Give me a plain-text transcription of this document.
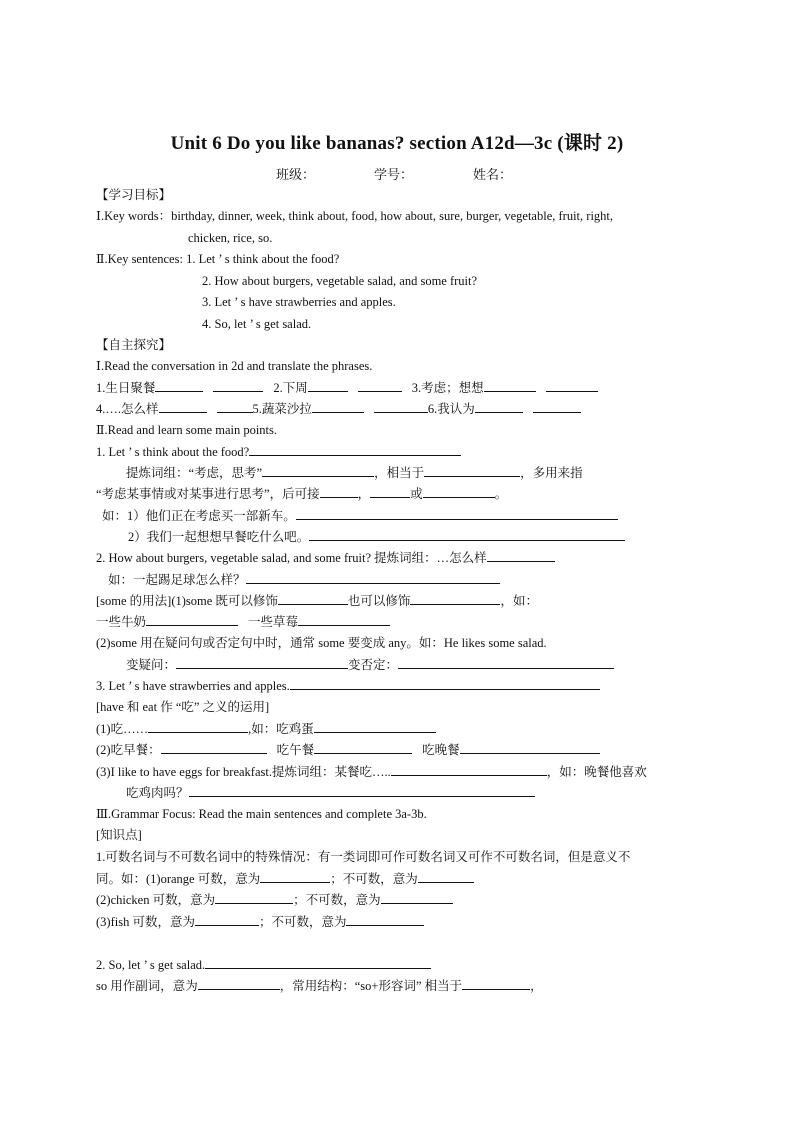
Unit 6 Do you like bananas? section A12d—3c (课时 2)
班级：	学号：	姓名：
【学习目标】
Ⅰ.Key words：birthday, dinner, week, think about, food, how about, sure, burger, vegetable, fruit, right,
chicken, rice, so.
Ⅱ.Key sentences: 1. Let ’ s think about the food?
2. How about burgers, vegetable salad, and some fruit?
3. Let ’ s have strawberries and apples.
4. So, let ’ s get salad.
【自主探究】
Ⅰ.Read the conversation in 2d and translate the phrases.
1.生日聚餐	2.下周	3.考虑；想想
4.….怎么样	5.蔬菜沙拉	6.我认为
Ⅱ.Read and learn some main points.
1. Let ’ s think about the food?
提炼词组：“考虑，思考”	，相当于	，多用来指
“考虑某事情或对某事进行思考”，后可接	，	或	。
如：1）他们正在考虑买一部新车。
2）我们一起想想早餐吃什么吧。
2. How about burgers, vegetable salad, and some fruit? 提炼词组：…怎么样
如：一起踢足球怎么样？
[some 的用法](1)some 既可以修饰	也可以修饰	，如：
一些牛奶	一些草莓
(2)some 用在疑问句或否定句中时，通常 some 要变成 any。如：He likes some salad.
变疑问：	变否定：
3. Let ’ s have strawberries and apples.
[have 和 eat 作 “吃” 之义的运用]
(1)吃……	,如：吃鸡蛋
(2)吃早餐：	吃午餐	吃晚餐
(3)I like to have eggs for breakfast.提炼词组：某餐吃…..	，如：晚餐他喜欢
吃鸡肉吗？
Ⅲ.Grammar Focus: Read the main sentences and complete 3a-3b.
[知识点]
1.可数名词与不可数名词中的特殊情况：有一类词即可作可数名词又可作不可数名词，但是意义不
同。如：(1)orange 可数，意为	；不可数，意为
(2)chicken 可数，意为	；不可数，意为
(3)fish 可数，意为	；不可数，意为
2. So, let ’ s get salad.
so 用作副词，意为	，常用结构：“so+形容词” 相当于	，
